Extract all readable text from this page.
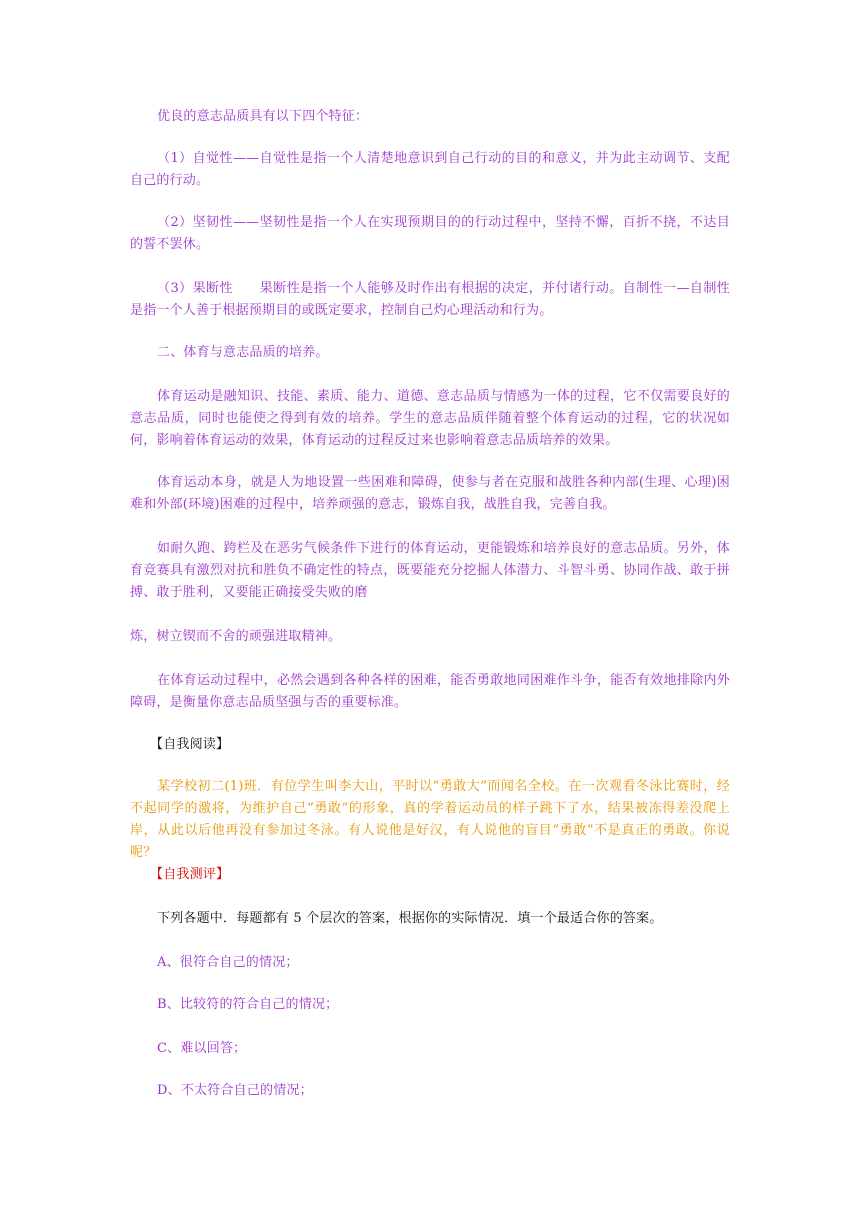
优良的意志品质具有以下四个特征：

（1）自觉性——自觉性是指一个人清楚地意识到自己行动的目的和意义，并为此主动调节、支配自己的行动。

（2）坚韧性——坚韧性是指一个人在实现预期目的的行动过程中，坚持不懈，百折不挠，不达目的誓不罢休。

（3）果断性　　果断性是指一个人能够及时作出有根据的决定，并付诸行动。自制性一—自制性是指一个人善于根据预期目的或既定要求，控制自己灼心理活动和行为。

二、体育与意志品质的培养。

体育运动是融知识、技能、素质、能力、道德、意志品质与情感为一体的过程，它不仅需要良好的意志品质，同时也能使之得到有效的培养。学生的意志品质伴随着整个体育运动的过程，它的状况如何，影响着体育运动的效果，体育运动的过程反过来也影响着意志品质培养的效果。

体育运动本身，就是人为地设置一些困难和障碍，使参与者在克服和战胜各种内部(生理、心理)困难和外部(环境)困难的过程中，培养顽强的意志，锻炼自我，战胜自我，完善自我。

如耐久跑、跨栏及在恶劣气候条件下进行的体育运动，更能锻炼和培养良好的意志品质。另外，体育竞赛具有激烈对抗和胜负不确定性的特点，既要能充分挖掘人体潜力、斗智斗勇、协同作战、敢于拼搏、敢于胜利，又要能正确接受失败的磨

炼，树立锲而不舍的顽强进取精神。

在体育运动过程中，必然会遇到各种各样的困难，能否勇敢地同困难作斗争，能否有效地排除内外障碍，是衡量你意志品质坚强与否的重要标准。

【自我阅读】

某学校初二(1)班．有位学生叫李大山，平时以“勇敢大”而闻名全校。在一次观看冬泳比赛时，经不起同学的激将，为维护自己“勇敢”的形象，真的学着运动员的样子跳下了水，结果被冻得差没爬上岸，从此以后他再没有参加过冬泳。有人说他是好汉，有人说他的盲目“勇敢”不是真正的勇敢。你说呢？

【自我测评】

下列各题中．每题都有 5 个层次的答案，根据你的实际情况．填一个最适合你的答案。

A、很符合自己的情况；

B、比较符的符合自己的情况；

C、难以回答；

D、不太符合自己的情况；
